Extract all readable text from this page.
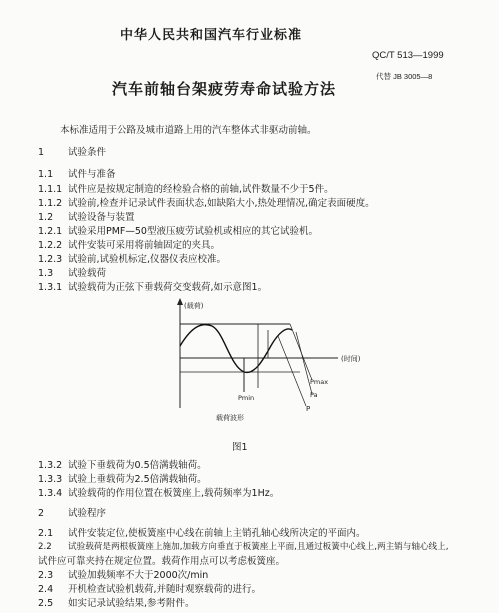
中华人民共和国汽车行业标准
QC/T 513—1999
汽车前轴台架疲劳寿命试验方法
代替 JB 3005—8
本标准适用于公路及城市道路上用的汽车整体式非驱动前轴。
1	试验条件
1.1 试件与准备
1.1.1 试件应是按规定制造的经检验合格的前轴,试件数量不少于5件。
1.1.2 试验前,检查并记录试件表面状态,如缺陷大小,热处理情况,确定表面硬度。
1.2 试验设备与装置
1.2.1 试验采用PMF—50型液压疲劳试验机或相应的其它试验机。
1.2.2 试件安装可采用将前轴固定的夹具。
1.2.3 试验前,试验机标定,仪器仪表应校准。
1.3 试验载荷
1.3.1 试验载荷为正弦下垂载荷交变载荷,如示意图1。
(载荷)
(时间)
Pmax
Pa
P
Pmin
载荷波形
图1
1.3.2 试验下垂载荷为0.5倍满载轴荷。
1.3.3 试验上垂载荷为2.5倍满载轴荷。
1.3.4 试验载荷的作用位置在板簧座上,载荷频率为1Hz。
2	试验程序
2.1 试件安装定位,使板簧座中心线在前轴上主销孔轴心线所决定的平面内。
2.2 试验载荷是两根板簧座上施加,加载方向垂直于板簧座上平面,且通过板簧中心线上,两主销与轴心线上,
试件应可靠夹持在规定位置。载荷作用点可以考虑板簧座。
2.3 试验加载频率不大于2000次/min
2.4 开机检查试验机载荷,并随时观察载荷的进行。
2.5 如实记录试验结果,参考附件。
